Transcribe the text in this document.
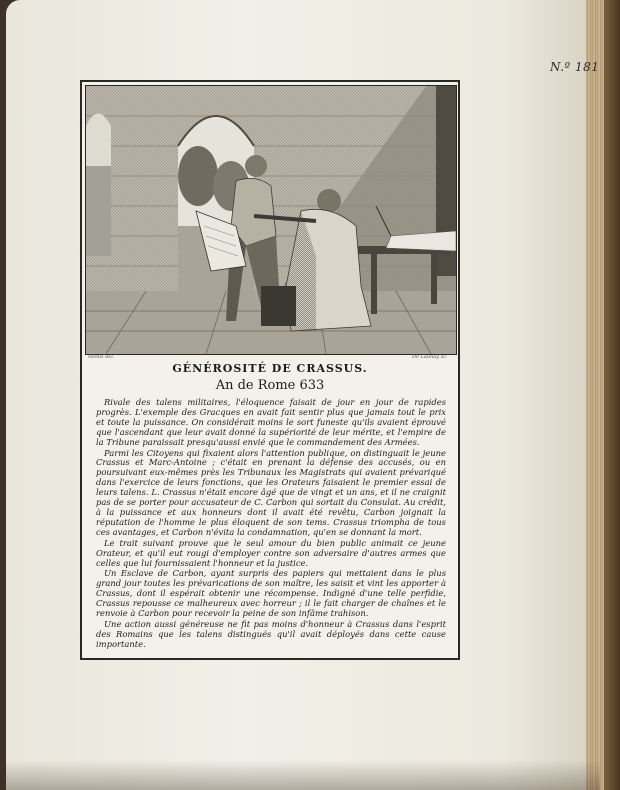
N.º 181
Monsi del.	De Launay sc.
GÉNÉROSITÉ DE CRASSUS.
An de Rome 633

Rivale des talens militaires, l'éloquence faisait de jour en jour de rapides progrès. L'exemple des Gracques en avait fait sentir plus que jamais tout le prix et toute la puissance. On considérait moins le sort funeste qu'ils avaient éprouvé que l'ascendant que leur avait donné la supériorité de leur mérite, et l'empire de la Tribune paraissait presqu'aussi envié que le commandement des Armées.

Parmi les Citoyens qui fixaient alors l'attention publique, on distinguait le jeune Crassus et Marc-Antoine ; c'était en prenant la défense des accusés, ou en poursuivant eux-mêmes près les Tribunaux les Magistrats qui avaient prévariqué dans l'exercice de leurs fonctions, que les Orateurs faisaient le premier essai de leurs talens. L. Crassus n'était encore âgé que de vingt et un ans, et il ne craignit pas de se porter pour accusateur de C. Carbon qui sortait du Consulat. Au crédit, à la puissance et aux honneurs dont il avait été revêtu, Carbon joignait la réputation de l'homme le plus éloquent de son tems. Crassus triompha de tous ces avantages, et Carbon n'évita la condamnation, qu'en se donnant la mort.

Le trait suivant prouve que le seul amour du bien public animait ce jeune Orateur, et qu'il eut rougi d'employer contre son adversaire d'autres armes que celles que lui fournissaient l'honneur et la justice.

Un Esclave de Carbon, ayant surpris des papiers qui mettaient dans le plus grand jour toutes les prévarications de son maître, les saisit et vint les apporter à Crassus, dont il espérait obtenir une récompense. Indigné d'une telle perfidie, Crassus repousse ce malheureux avec horreur ; il le fait charger de chaînes et le renvoie à Carbon pour recevoir la peine de son infâme trahison.

Une action aussi généreuse ne fit pas moins d'honneur à Crassus dans l'esprit des Romains que les talens distingués qu'il avait déployés dans cette cause importante.
